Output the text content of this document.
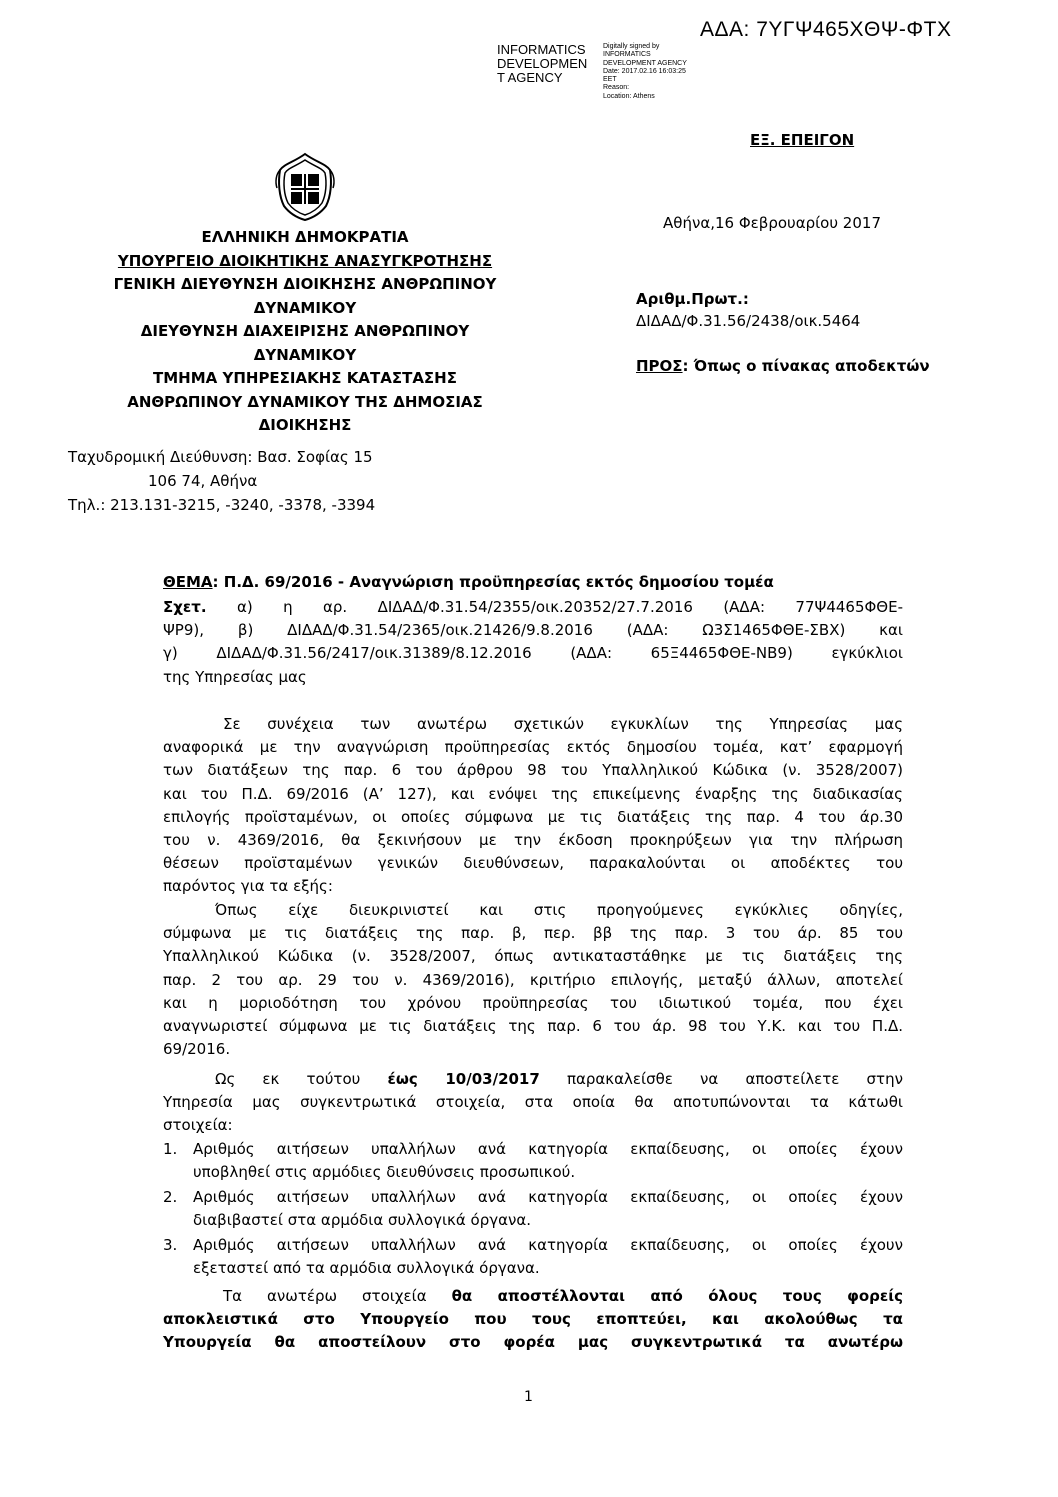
ΑΔΑ: 7ΥΓΨ465ΧΘΨ-ΦΤΧ
INFORMATICS
DEVELOPMEN
T AGENCY
Digitally signed by
INFORMATICS
DEVELOPMENT AGENCY
Date: 2017.02.16 16:03:25
EET
Reason:
Location: Athens
ΕΞ. ΕΠΕΙΓΟΝ
ΕΛΛΗΝΙΚΗ ΔΗΜΟΚΡΑΤΙΑ
ΥΠΟΥΡΓΕΙΟ ΔΙΟΙΚΗΤΙΚΗΣ ΑΝΑΣΥΓΚΡΟΤΗΣΗΣ
ΓΕΝΙΚΗ ΔΙΕΥΘΥΝΣΗ ΔΙΟΙΚΗΣΗΣ ΑΝΘΡΩΠΙΝΟΥ
ΔΥΝΑΜΙΚΟΥ
ΔΙΕΥΘΥΝΣΗ ΔΙΑΧΕΙΡΙΣΗΣ ΑΝΘΡΩΠΙΝΟΥ
ΔΥΝΑΜΙΚΟΥ
ΤΜΗΜΑ ΥΠΗΡΕΣΙΑΚΗΣ ΚΑΤΑΣΤΑΣΗΣ
ΑΝΘΡΩΠΙΝΟΥ ΔΥΝΑΜΙΚΟΥ ΤΗΣ ΔΗΜΟΣΙΑΣ
ΔΙΟΙΚΗΣΗΣ
Ταχυδρομική Διεύθυνση: Βασ. Σοφίας 15
106 74, Αθήνα
Τηλ.: 213.131-3215, -3240, -3378, -3394
Αθήνα,16 Φεβρουαρίου 2017
Αριθμ.Πρωτ.:
ΔΙΔΑΔ/Φ.31.56/2438/οικ.5464
ΠΡΟΣ: Όπως ο πίνακας αποδεκτών
ΘΕΜΑ: Π.Δ. 69/2016 - Αναγνώριση προϋπηρεσίας εκτός δημοσίου τομέα
Σχετ. α) η αρ. ΔΙΔΑΔ/Φ.31.54/2355/οικ.20352/27.7.2016 (ΑΔΑ: 77Ψ4465ΦΘΕ-
ΨΡ9), β) ΔΙΔΑΔ/Φ.31.54/2365/οικ.21426/9.8.2016 (ΑΔΑ: Ω3Σ1465ΦΘΕ-ΣΒΧ) και
γ) ΔΙΔΑΔ/Φ.31.56/2417/οικ.31389/8.12.2016 (ΑΔΑ: 65Ξ4465ΦΘΕ-ΝΒ9) εγκύκλιοι
της Υπηρεσίας μας
Σε συνέχεια των ανωτέρω σχετικών εγκυκλίων της Υπηρεσίας μας
αναφορικά με την αναγνώριση προϋπηρεσίας εκτός δημοσίου τομέα, κατ’ εφαρμογή
των διατάξεων της παρ. 6 του άρθρου 98 του Υπαλληλικού Κώδικα (ν. 3528/2007)
και του Π.Δ. 69/2016 (Α’ 127), και ενόψει της επικείμενης έναρξης της διαδικασίας
επιλογής προϊσταμένων, οι οποίες σύμφωνα με τις διατάξεις της παρ. 4 του άρ.30
του ν. 4369/2016, θα ξεκινήσουν με την έκδοση προκηρύξεων για την πλήρωση
θέσεων προϊσταμένων γενικών διευθύνσεων, παρακαλούνται οι αποδέκτες του
παρόντος για τα εξής:
Όπως είχε διευκρινιστεί και στις προηγούμενες εγκύκλιες οδηγίες,
σύμφωνα με τις διατάξεις της παρ. β, περ. ββ της παρ. 3 του άρ. 85 του
Υπαλληλικού Κώδικα (ν. 3528/2007, όπως αντικαταστάθηκε με τις διατάξεις της
παρ. 2 του αρ. 29 του ν. 4369/2016), κριτήριο επιλογής, μεταξύ άλλων, αποτελεί
και η μοριοδότηση του χρόνου προϋπηρεσίας του ιδιωτικού τομέα, που έχει
αναγνωριστεί σύμφωνα με τις διατάξεις της παρ. 6 του άρ. 98 του Υ.Κ. και του Π.Δ.
69/2016.
Ως εκ τούτου έως 10/03/2017 παρακαλείσθε να αποστείλετε στην
Υπηρεσία μας συγκεντρωτικά στοιχεία, στα οποία θα αποτυπώνονται τα κάτωθι
στοιχεία:
1. Αριθμός αιτήσεων υπαλλήλων ανά κατηγορία εκπαίδευσης, οι οποίες έχουν
υποβληθεί στις αρμόδιες διευθύνσεις προσωπικού.
2. Αριθμός αιτήσεων υπαλλήλων ανά κατηγορία εκπαίδευσης, οι οποίες έχουν
διαβιβαστεί στα αρμόδια συλλογικά όργανα.
3. Αριθμός αιτήσεων υπαλλήλων ανά κατηγορία εκπαίδευσης, οι οποίες έχουν
εξεταστεί από τα αρμόδια συλλογικά όργανα.
Τα ανωτέρω στοιχεία θα αποστέλλονται από όλους τους φορείς
αποκλειστικά στο Υπουργείο που τους εποπτεύει, και ακολούθως τα
Υπουργεία θα αποστείλουν στο φορέα μας συγκεντρωτικά τα ανωτέρω
1
